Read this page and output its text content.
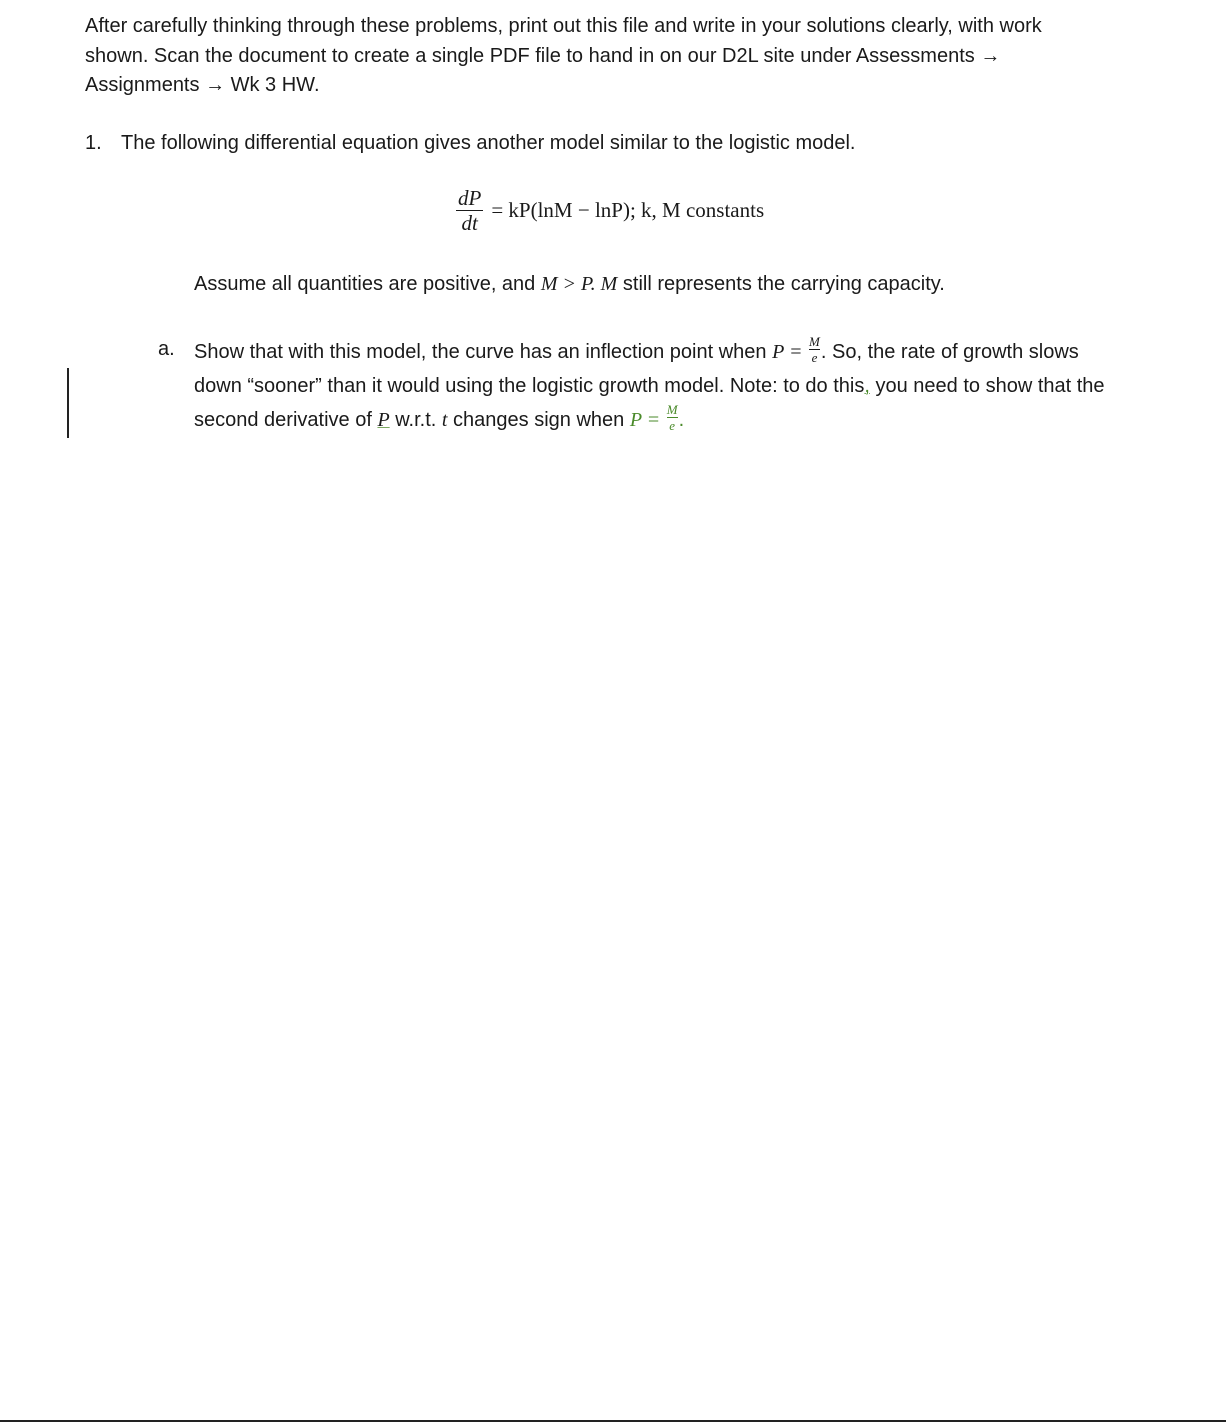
After carefully thinking through these problems, print out this file and write in your solutions clearly, with work
shown. Scan the document to create a single PDF file to hand in on our D2L site under Assessments →
Assignments → Wk 3 HW.
1. The following differential equation gives another model similar to the logistic model.
$\frac{dP}{dt} = kP(\ln M - \ln P)$; k, M constants
Assume all quantities are positive, and M > P. M still represents the carrying capacity.
a. Show that with this model, the curve has an inflection point when $P = \frac{M}{e}$ . So, the rate of growth slows down “sooner” than it would using the logistic growth model. Note: to do this, you need to show that the second derivative of P w.r.t. t changes sign when $P = \frac{M}{e}$ .
